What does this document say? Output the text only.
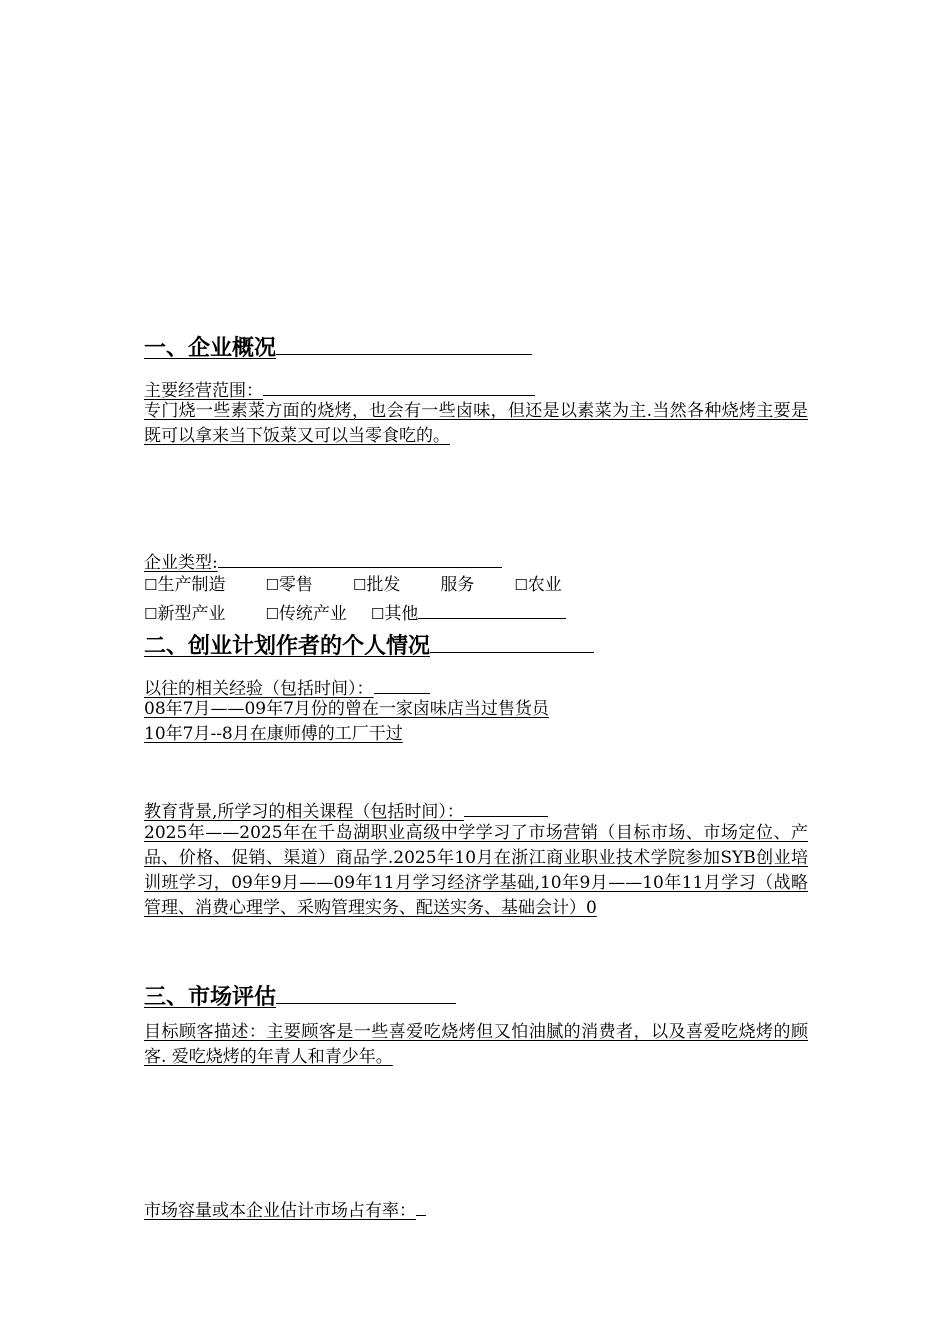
一、企业概况
主要经营范围：
专门烧一些素菜方面的烧烤，也会有一些卤味，但还是以素菜为主.当然各种烧烤主要是既可以拿来当下饭菜又可以当零食吃的。
企业类型:
☐生产制造	☐零售	☐批发 服务	☐农业
☐新型产业	☐传统产业 ☐其他
二、创业计划作者的个人情况
以往的相关经验（包括时间）：
08年7月——09年7月份的曾在一家卤味店当过售货员
10年7月--8月在康师傅的工厂干过
教育背景,所学习的相关课程（包括时间）：
2025年——2025年在千岛湖职业高级中学学习了市场营销（目标市场、市场定位、产品、价格、促销、渠道）商品学.2025年10月在浙江商业职业技术学院参加SYB创业培训班学习，09年9月——09年11月学习经济学基础,10年9月——10年11月学习（战略管理、消费心理学、采购管理实务、配送实务、基础会计）0
三、市场评估
目标顾客描述：主要顾客是一些喜爱吃烧烤但又怕油腻的消费者，以及喜爱吃烧烤的顾客. 爱吃烧烤的年青人和青少年。
市场容量或本企业估计市场占有率：
